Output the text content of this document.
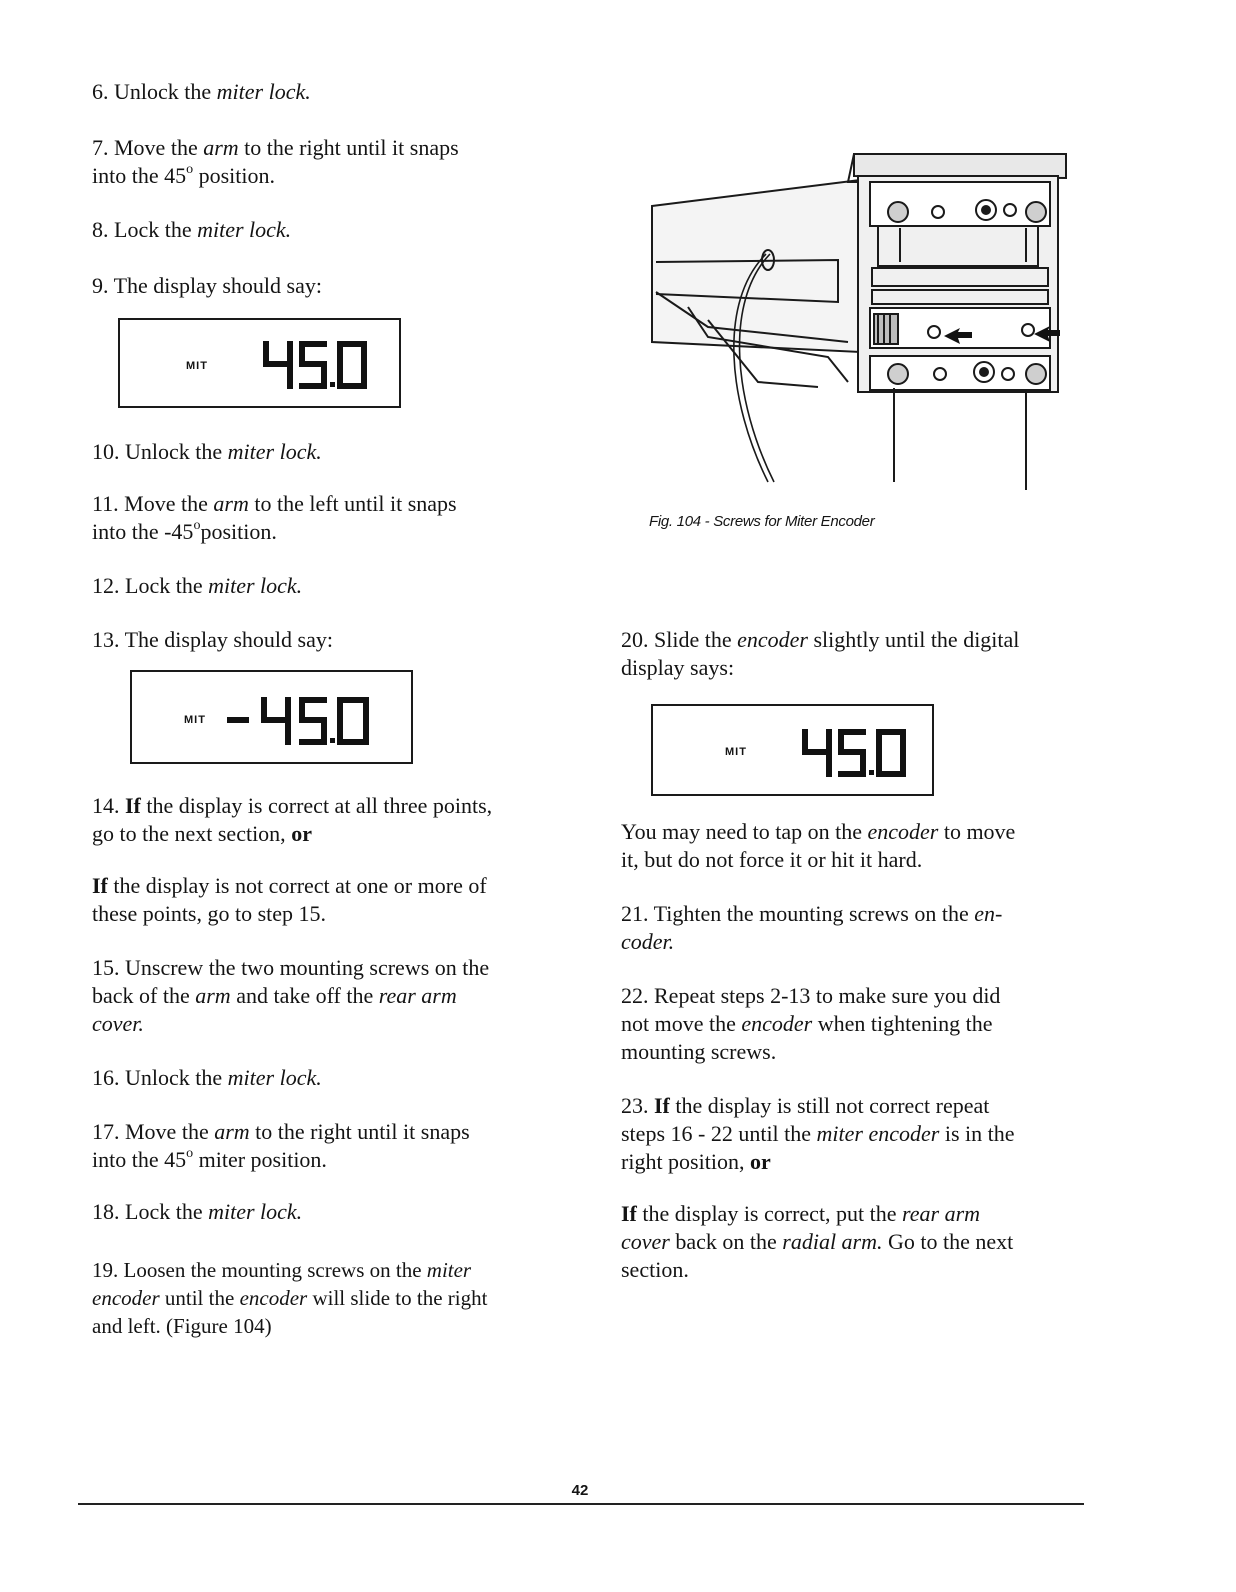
6. Unlock the miter lock.

7. Move the arm to the right until it snaps
into the 45$^o$ position.

8. Lock the miter lock.

9. The display should say:

10. Unlock the miter lock.

11. Move the arm to the left until it snaps
into the -45$^o$position.

12. Lock the miter lock.

13. The display should say:

14. If the display is correct at all three points,
go to the next section, or

If the display is not correct at one or more of
these points, go to step 15.

15. Unscrew the two mounting screws on the
back of the arm and take off the rear arm
cover.

16. Unlock the miter lock.

17. Move the arm to the right until it snaps
into the 45$^o$ miter position.

18. Lock the miter lock.

19. Loosen the mounting screws on the miter
encoder until the encoder will slide to the right
and left. (Figure 104)

MIT
MIT

20. Slide the encoder slightly until the digital
display says:

You may need to tap on the encoder to move
it, but do not force it or hit it hard.

21. Tighten the mounting screws on the en-
coder.

22. Repeat steps 2-13 to make sure you did
not move the encoder when tightening the
mounting screws.

23. If the display is still not correct repeat
steps 16 - 22 until the miter encoder is in the
right position, or

If the display is correct, put the rear arm
cover back on the radial arm. Go to the next
section.

MIT
Fig. 104 - Screws for Miter Encoder
42
